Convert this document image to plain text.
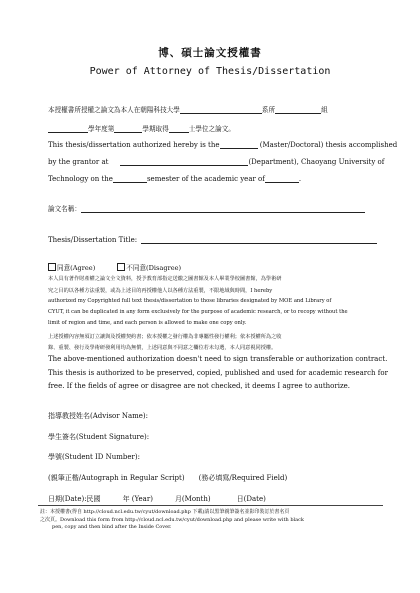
博、碩士論文授權書
Power of Attorney of Thesis/Dissertation
本授權書所授權之論文為本人在朝陽科技大學	系所	組
學年度第	學期取得	士學位之論文。
This thesis/dissertation authorized hereby is the	(Master/Doctoral) thesis accomplished
by the grantor at	(Department), Chaoyang University of
Technology on the	semester of the academic year of	.
論文名稱：
Thesis/Dissertation Title:
同意(Agree)	不同意(Disagree)
本人具有著作財產權之論文全文資料，授予教育部指定送繳之圖書館及本人畢業學校圖書館，為學術研
究之目的以各種方法重製，或為上述目的再授權他人以各種方法重製，不限地域與時間，I hereby
authorized my Copyrighted full text thesis/dissertation to those libraries designated by MOE and Library of
CYUT, it can be duplicated in any form exclusively for the purpose of academic research, or to recopy without the
limit of region and time, and each person is allowed to make one copy only.
上述授權內容無須訂立讓與及授權契約書；依本授權之發行權為非專屬性發行權利；依本授權所為之收
錄、重製、發行及學術研發利用均為無償，上述同意與不同意之欄位若未勾選，本人同意視同授權。
The above-mentioned authorization doesn't need to sign transferable or authorization contract.
This thesis is authorized to be preserved, copied, published and used for academic research for
free. If the fields of agree or disagree are not checked, it deems I agree to authorize.
指導教授姓名(Advisor Name):
學生簽名(Student Signature):
學號(Student ID Number):
(親筆正楷/Autograph in Regular Script) (務必填寫/Required Field)
日期(Date):民國	年 (Year)	月(Month)	日(Date)
註：本授權書(得自 http://cloud.ncl.edu.tw/cyut/download.php 下載)請以黑筆親筆簽名並影印裝訂於書名頁
之次頁。Download this form from http://cloud.ncl.edu.tw/cyut/download.php and please write with black
pen, copy and then bind after the Inside Cover.
